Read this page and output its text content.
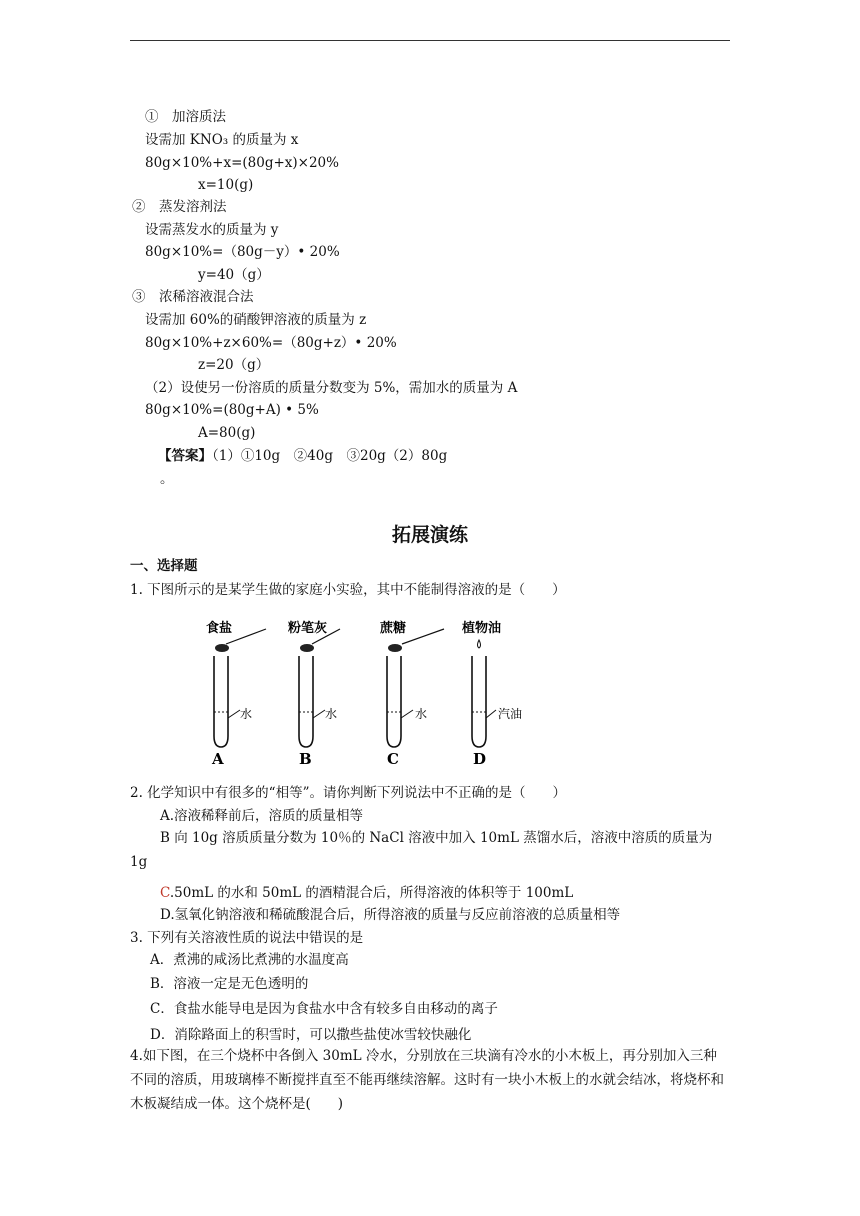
①　加溶质法
设需加 KNO₃ 的质量为 x
80g×10%+x=(80g+x)×20%
x=10(g)
②　蒸发溶剂法
设需蒸发水的质量为 y
80g×10%=（80g－y）• 20%
y=40（g）
③　浓稀溶液混合法
设需加 60%的硝酸钾溶液的质量为 z
80g×10%+z×60%=（80g+z）• 20%
z=20（g）
（2）设使另一份溶质的质量分数变为 5%，需加水的质量为 A
80g×10%=(80g+A) • 5%
A=80(g)
【答案】（1）①10g　②40g　③20g（2）80g
。
拓展演练
一、选择题
1. 下图所示的是某学生做的家庭小实验，其中不能制得溶液的是（　　）
食盐
水
A
粉笔灰
水
B
蔗糖
水
C
植物油
汽油
D
2. 化学知识中有很多的“相等”。请你判断下列说法中不正确的是（　　）
A.溶液稀释前后，溶质的质量相等
B 向 10g 溶质质量分数为 10％的 NaCl 溶液中加入 10mL 蒸馏水后，溶液中溶质的质量为 1g
C.50mL 的水和 50mL 的酒精混合后，所得溶液的体积等于 100mL
D.氢氧化钠溶液和稀硫酸混合后，所得溶液的质量与反应前溶液的总质量相等
3. 下列有关溶液性质的说法中错误的是
A．煮沸的咸汤比煮沸的水温度高
B．溶液一定是无色透明的
C．食盐水能导电是因为食盐水中含有较多自由移动的离子
D．消除路面上的积雪时，可以撒些盐使冰雪较快融化
4.如下图，在三个烧杯中各倒入 30mL 冷水，分别放在三块滴有冷水的小木板上，再分别加入三种不同的溶质，用玻璃棒不断搅拌直至不能再继续溶解。这时有一块小木板上的水就会结冰，将烧杯和木板凝结成一体。这个烧杯是(　　)
